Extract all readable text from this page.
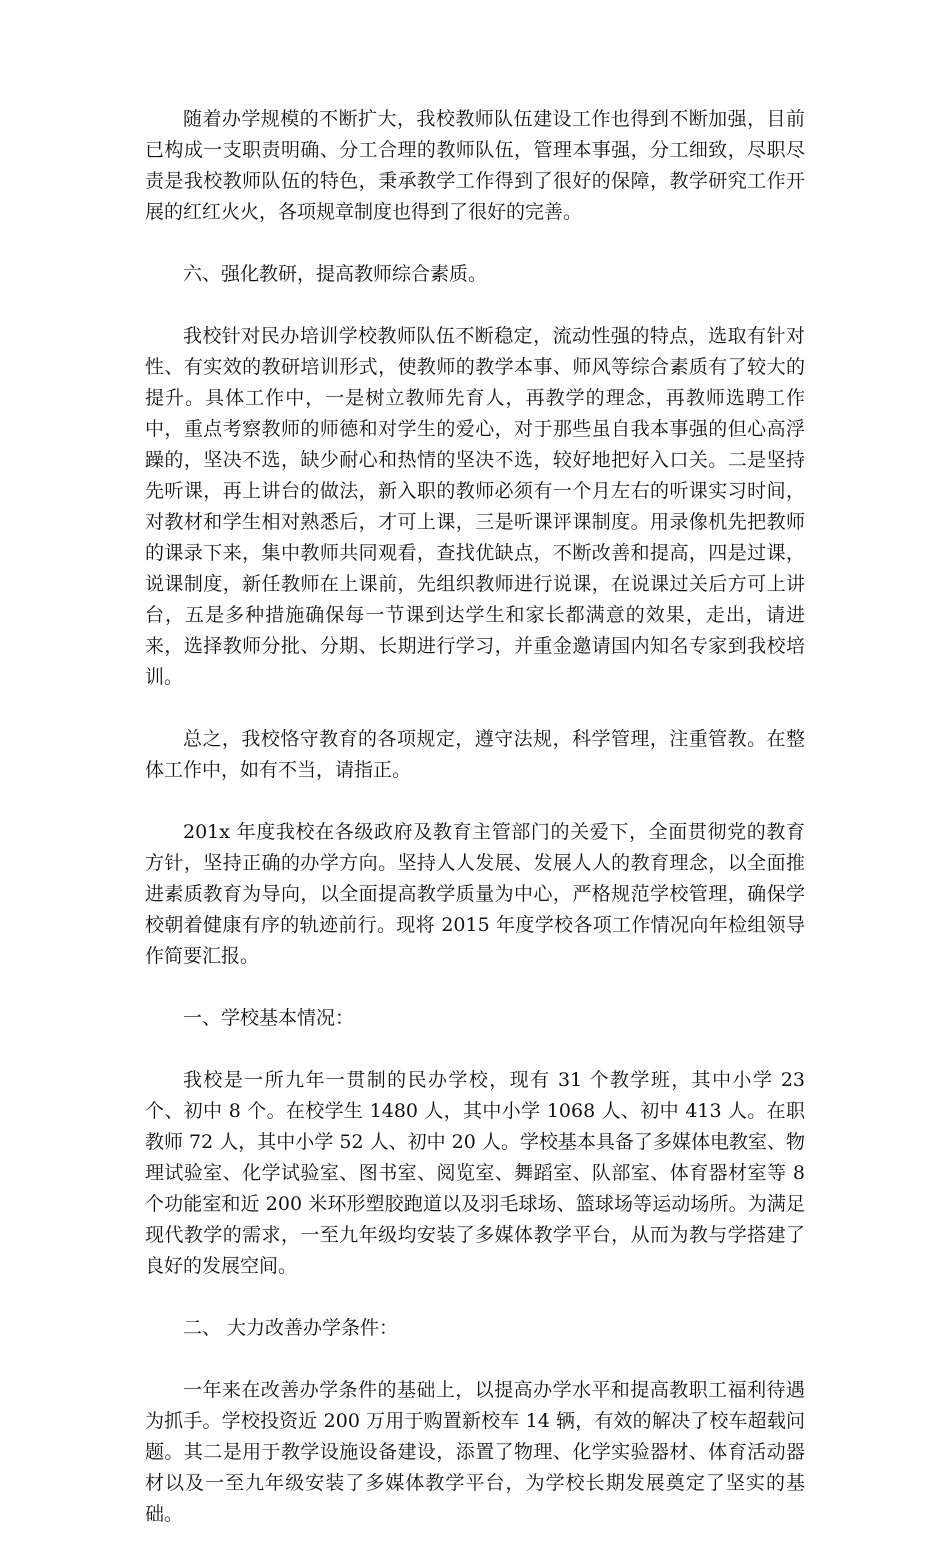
随着办学规模的不断扩大，我校教师队伍建设工作也得到不断加强，目前已构成一支职责明确、分工合理的教师队伍，管理本事强，分工细致，尽职尽责是我校教师队伍的特色，秉承教学工作得到了很好的保障，教学研究工作开展的红红火火，各项规章制度也得到了很好的完善。

六、强化教研，提高教师综合素质。

我校针对民办培训学校教师队伍不断稳定，流动性强的特点，选取有针对性、有实效的教研培训形式，使教师的教学本事、师风等综合素质有了较大的提升。具体工作中，一是树立教师先育人，再教学的理念，再教师选聘工作中，重点考察教师的师德和对学生的爱心，对于那些虽自我本事强的但心高浮躁的，坚决不选，缺少耐心和热情的坚决不选，较好地把好入口关。二是坚持先听课，再上讲台的做法，新入职的教师必须有一个月左右的听课实习时间，对教材和学生相对熟悉后，才可上课，三是听课评课制度。用录像机先把教师的课录下来，集中教师共同观看，查找优缺点，不断改善和提高，四是过课，说课制度，新任教师在上课前，先组织教师进行说课，在说课过关后方可上讲台，五是多种措施确保每一节课到达学生和家长都满意的效果，走出，请进来，选择教师分批、分期、长期进行学习，并重金邀请国内知名专家到我校培训。

总之，我校恪守教育的各项规定，遵守法规，科学管理，注重管教。在整体工作中，如有不当，请指正。

201x 年度我校在各级政府及教育主管部门的关爱下，全面贯彻党的教育方针，坚持正确的办学方向。坚持人人发展、发展人人的教育理念，以全面推进素质教育为导向，以全面提高教学质量为中心，严格规范学校管理，确保学校朝着健康有序的轨迹前行。现将 2015 年度学校各项工作情况向年检组领导作简要汇报。

一、学校基本情况：

我校是一所九年一贯制的民办学校，现有 31 个教学班，其中小学 23 个、初中 8 个。在校学生 1480 人，其中小学 1068 人、初中 413 人。在职教师 72 人，其中小学 52 人、初中 20 人。学校基本具备了多媒体电教室、物理试验室、化学试验室、图书室、阅览室、舞蹈室、队部室、体育器材室等 8 个功能室和近 200 米环形塑胶跑道以及羽毛球场、篮球场等运动场所。为满足现代教学的需求，一至九年级均安装了多媒体教学平台，从而为教与学搭建了良好的发展空间。

二、 大力改善办学条件：

一年来在改善办学条件的基础上，以提高办学水平和提高教职工福利待遇为抓手。学校投资近 200 万用于购置新校车 14 辆，有效的解决了校车超载问题。其二是用于教学设施设备建设，添置了物理、化学实验器材、体育活动器材以及一至九年级安装了多媒体教学平台，为学校长期发展奠定了坚实的基础。
